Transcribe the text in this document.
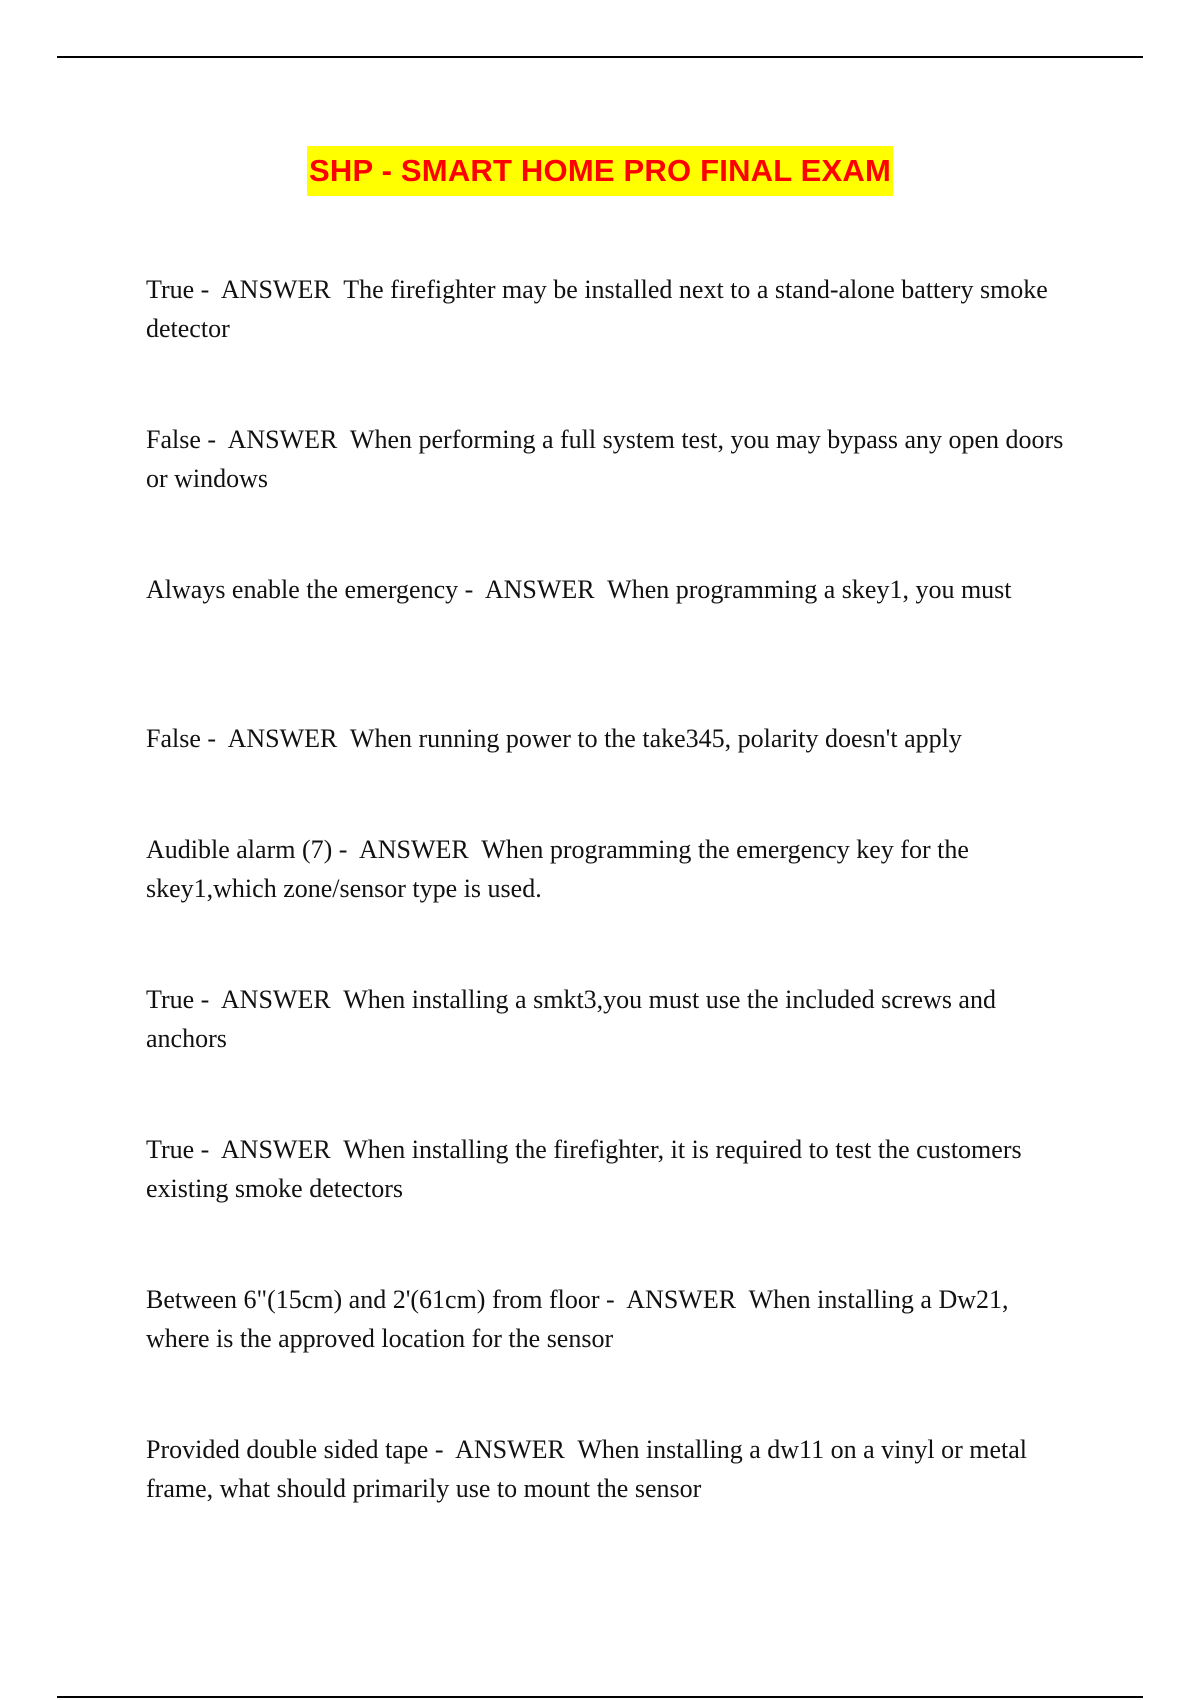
SHP - SMART HOME PRO FINAL EXAM

True -  ANSWER  The firefighter may be installed next to a stand-alone battery smoke detector

False -  ANSWER  When performing a full system test, you may bypass any open doors or windows

Always enable the emergency -  ANSWER  When programming a skey1, you must

False -  ANSWER  When running power to the take345, polarity doesn't apply

Audible alarm (7) -  ANSWER  When programming the emergency key for the skey1,which zone/sensor type is used.

True -  ANSWER  When installing a smkt3,you must use the included screws and anchors

True -  ANSWER  When installing the firefighter, it is required to test the customers existing smoke detectors

Between 6"(15cm) and 2'(61cm) from floor -  ANSWER  When installing a Dw21, where is the approved location for the sensor

Provided double sided tape -  ANSWER  When installing a dw11 on a vinyl or metal frame, what should primarily use to mount the sensor
